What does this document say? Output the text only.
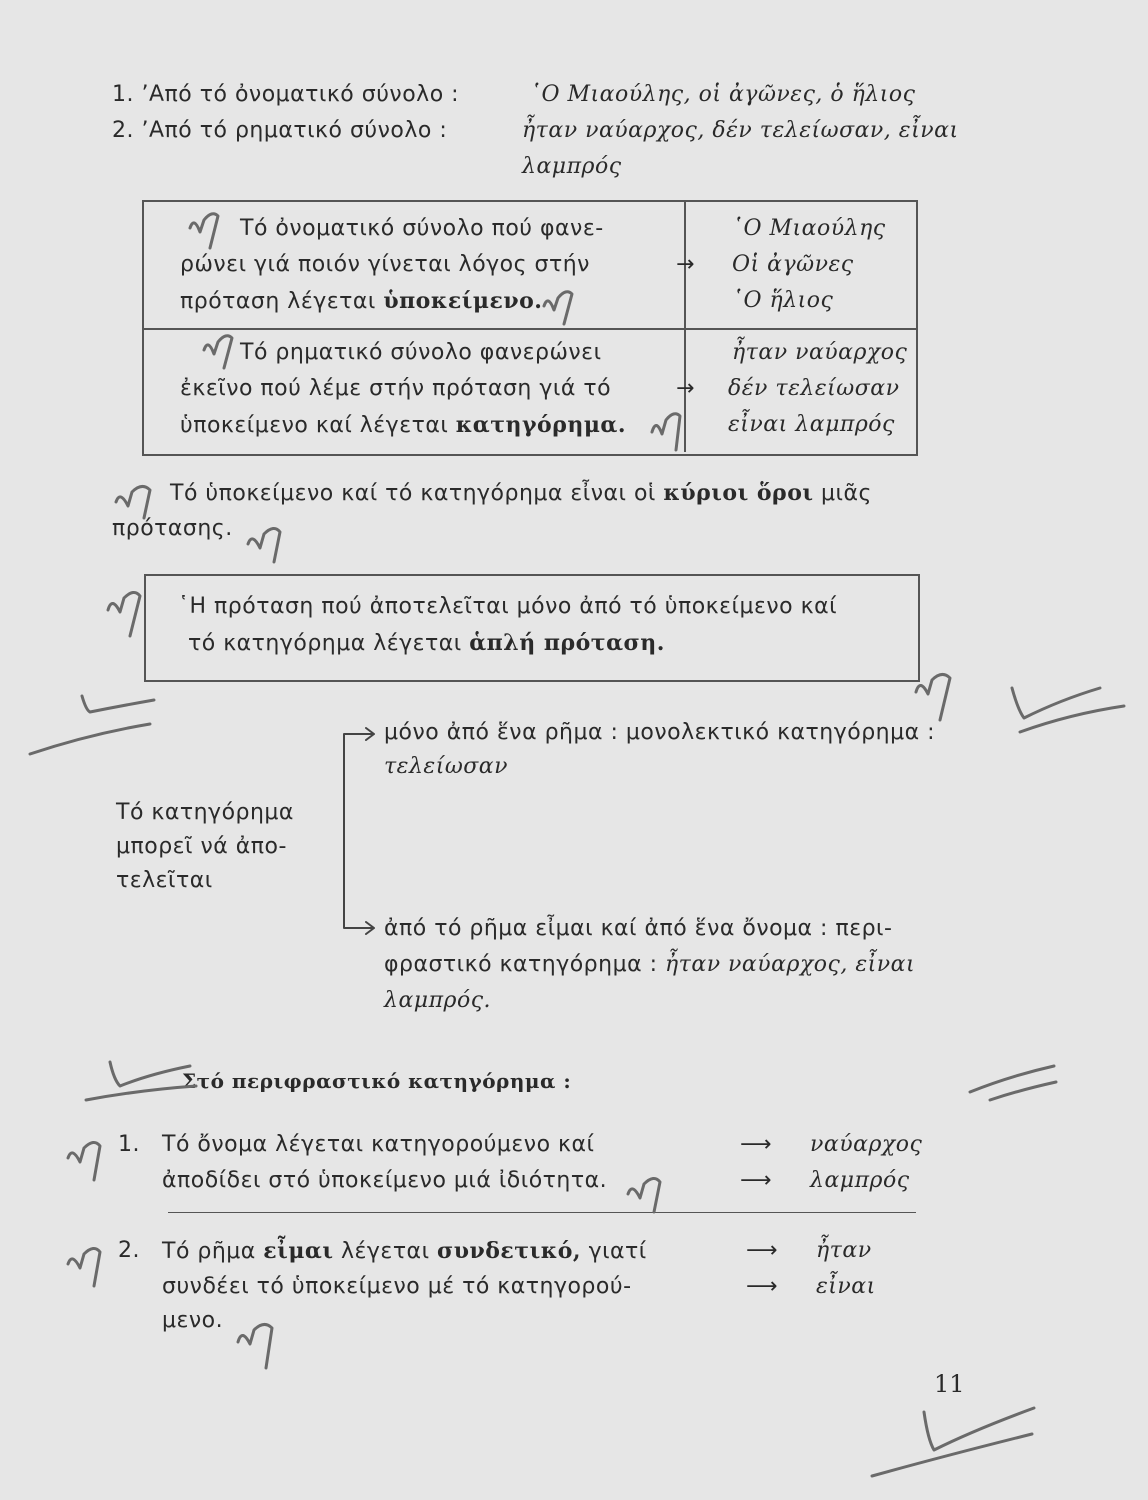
1. ’Από τό ὀνοματικό σύνολο :	῾Ο Μιαούλης, οἱ ἀγῶνες, ὁ ἥλιος
2. ’Από τό ρηματικό σύνολο :	ἦταν ναύαρχος, δέν τελείωσαν, εἶναι
λαμπρός
Τό ὀνοματικό σύνολο πού φανε-
ρώνει γιά ποιόν γίνεται λόγος στήν
πρόταση λέγεται ὑποκείμενο.
→
῾Ο Μιαούλης
Οἱ ἀγῶνες
῾Ο ἥλιος
Τό ρηματικό σύνολο φανερώνει
ἐκεῖνο πού λέμε στήν πρόταση γιά τό
ὑποκείμενο καί λέγεται κατηγόρημα.
→
ἦταν ναύαρχος
δέν τελείωσαν
εἶναι λαμπρός
Τό ὑποκείμενο καί τό κατηγόρημα εἶναι οἱ κύριοι ὅροι μιᾶς
πρότασης.
῾Η πρόταση πού ἀποτελεῖται μόνο ἀπό τό ὑποκείμενο καί
τό κατηγόρημα λέγεται ἁπλή πρόταση.
Τό κατηγόρημα
μπορεῖ νά ἀπο-
τελεῖται
μόνο ἀπό ἕνα ρῆμα : μονολεκτικό κατηγόρημα :
τελείωσαν
ἀπό τό ρῆμα εἶμαι καί ἀπό ἕνα ὄνομα : περι-
φραστικό κατηγόρημα : ἦταν ναύαρχος, εἶναι
λαμπρός.
Στό περιφραστικό κατηγόρημα :
1. Τό ὄνομα λέγεται κατηγορούμενο καί
ἀποδίδει στό ὑποκείμενο μιά ἰδιότητα.
⟶
⟶
ναύαρχος
λαμπρός
2. Τό ρῆμα εἶμαι λέγεται συνδετικό, γιατί
συνδέει τό ὑποκείμενο μέ τό κατηγορού-
μενο.
⟶
⟶
ἦταν
εἶναι
11
